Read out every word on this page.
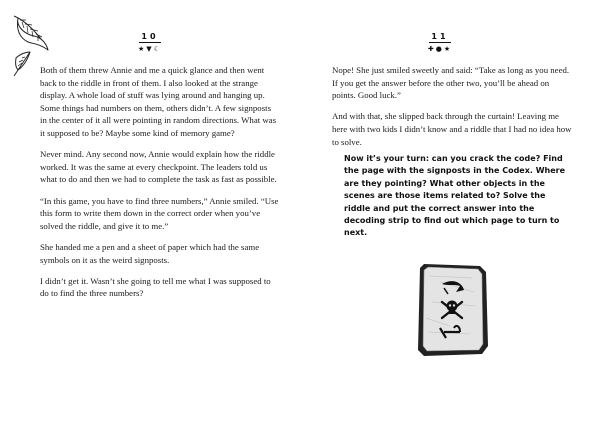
10
★▼☾

Both of them threw Annie and me a quick glance and then went back to the riddle in front of them. I also looked at the strange display. A whole load of stuff was lying around and hanging up. Some things had numbers on them, others didn’t. A few signposts in the center of it all were pointing in random directions. What was it supposed to be? Maybe some kind of memory game?

Never mind. Any second now, Annie would explain how the riddle worked. It was the same at every checkpoint. The leaders told us what to do and then we had to complete the task as fast as possible.

“In this game, you have to find three numbers,” Annie smiled. “Use this form to write them down in the correct order when you’ve solved the riddle, and give it to me.”

She handed me a pen and a sheet of paper which had the same symbols on it as the weird signposts.

I didn’t get it. Wasn’t she going to tell me what I was supposed to do to find the three numbers?

11
✚●★

Nope! She just smiled sweetly and said: “Take as long as you need. If you get the answer before the other two, you’ll be ahead on points. Good luck.”

And with that, she slipped back through the curtain! Leaving me here with two kids I didn’t know and a riddle that I had no idea how to solve.

Now it’s your turn: can you crack the code? Find the page with the signposts in the Codex. Where are they pointing? What other objects in the scenes are those items related to? Solve the riddle and put the correct answer into the decoding strip to find out which page to turn to next.
